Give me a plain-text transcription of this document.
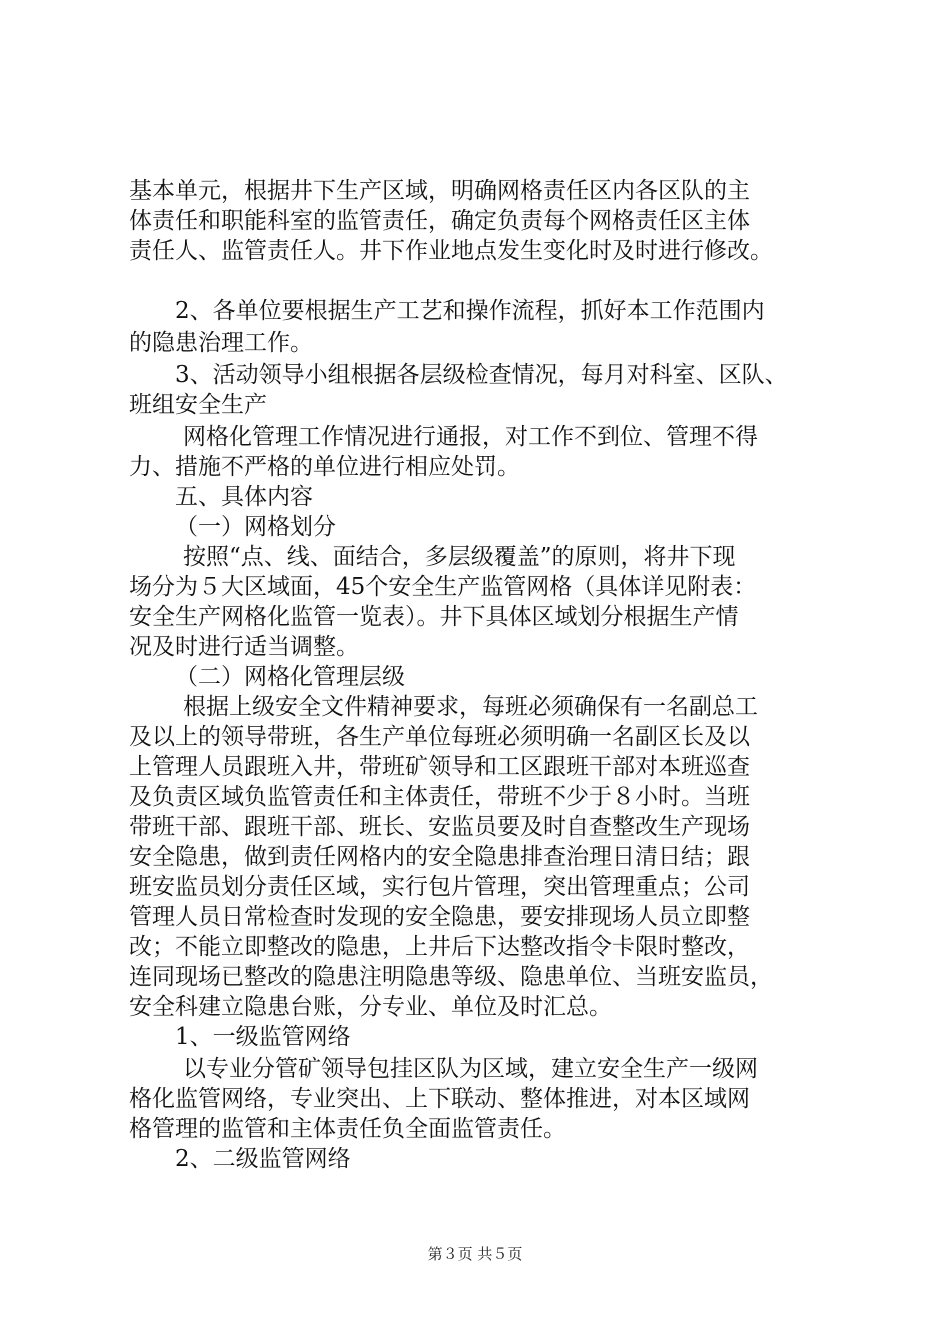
基本单元，根据井下生产区域，明确网格责任区内各区队的主
体责任和职能科室的监管责任，确定负责每个网格责任区主体
责任人、监管责任人。井下作业地点发生变化时及时进行修改。
2、各单位要根据生产工艺和操作流程，抓好本工作范围内
的隐患治理工作。
3、活动领导小组根据各层级检查情况，每月对科室、区队、
班组安全生产
网格化管理工作情况进行通报，对工作不到位、管理不得
力、措施不严格的单位进行相应处罚。
五、具体内容
（一）网格划分
按照“点、线、面结合，多层级覆盖”的原则，将井下现
场分为５大区域面，45个安全生产监管网格（具体详见附表：
安全生产网格化监管一览表）。井下具体区域划分根据生产情
况及时进行适当调整。
（二）网格化管理层级
根据上级安全文件精神要求，每班必须确保有一名副总工
及以上的领导带班，各生产单位每班必须明确一名副区长及以
上管理人员跟班入井，带班矿领导和工区跟班干部对本班巡查
及负责区域负监管责任和主体责任，带班不少于８小时。当班
带班干部、跟班干部、班长、安监员要及时自查整改生产现场
安全隐患，做到责任网格内的安全隐患排查治理日清日结；跟
班安监员划分责任区域，实行包片管理，突出管理重点；公司
管理人员日常检查时发现的安全隐患，要安排现场人员立即整
改；不能立即整改的隐患，上井后下达整改指令卡限时整改，
连同现场已整改的隐患注明隐患等级、隐患单位、当班安监员，
安全科建立隐患台账，分专业、单位及时汇总。
1、一级监管网络
以专业分管矿领导包挂区队为区域，建立安全生产一级网
格化监管网络，专业突出、上下联动、整体推进，对本区域网
格管理的监管和主体责任负全面监管责任。
2、二级监管网络
第３页 共５页
